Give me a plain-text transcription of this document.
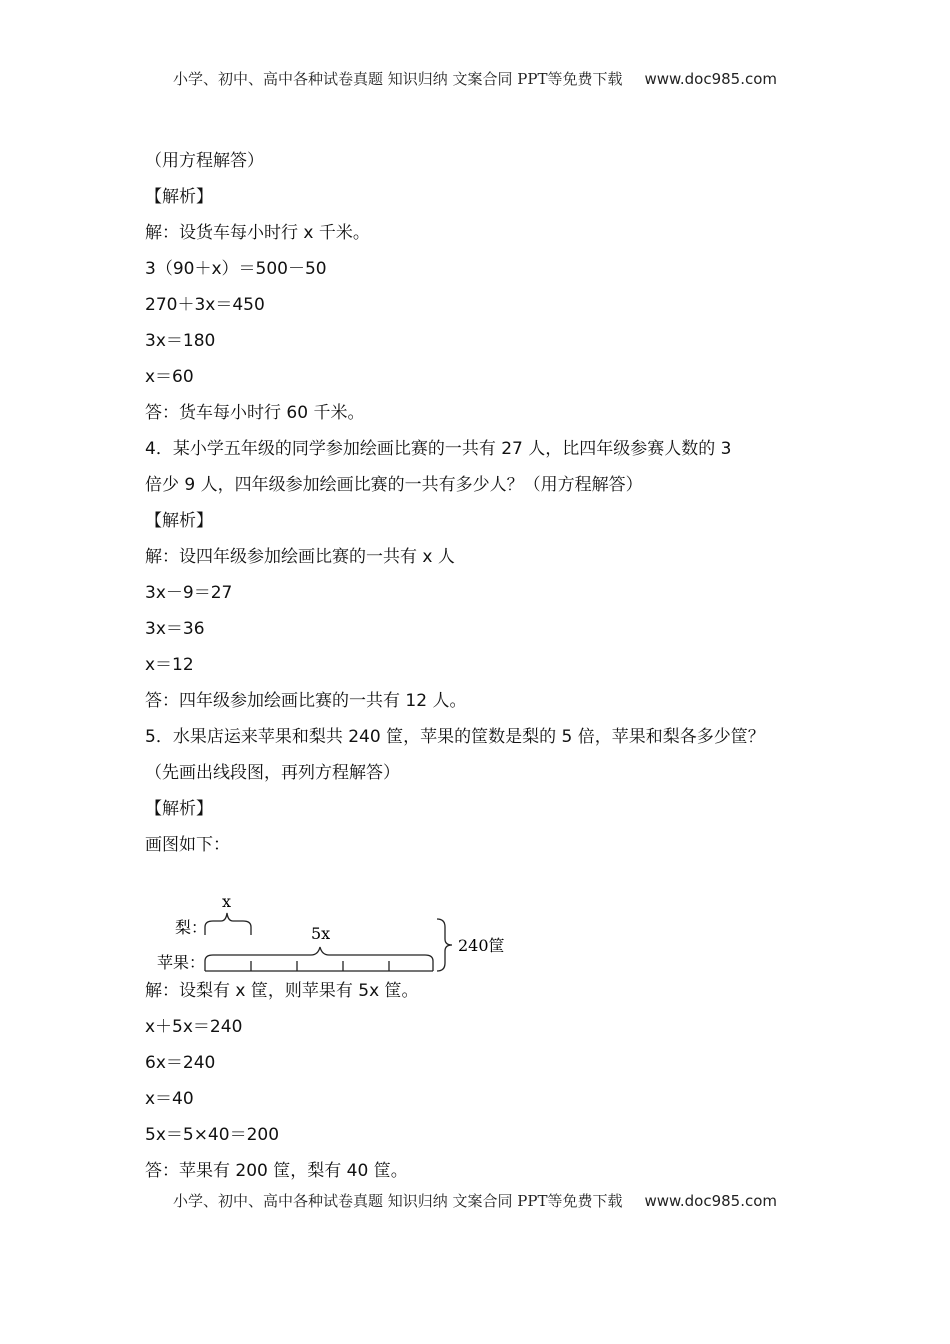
小学、初中、高中各种试卷真题 知识归纳 文案合同 PPT等免费下载 www.doc985.com
（用方程解答）
【解析】
解：设货车每小时行 x 千米。
3（90＋x）＝500－50
270＋3x＝450
3x＝180
x＝60
答：货车每小时行 60 千米。
4．某小学五年级的同学参加绘画比赛的一共有 27 人，比四年级参赛人数的 3
倍少 9 人，四年级参加绘画比赛的一共有多少人？（用方程解答）
【解析】
解：设四年级参加绘画比赛的一共有 x 人
3x－9＝27
3x＝36
x＝12
答：四年级参加绘画比赛的一共有 12 人。
5．水果店运来苹果和梨共 240 筐，苹果的筐数是梨的 5 倍，苹果和梨各多少筐？
（先画出线段图，再列方程解答）
【解析】
画图如下：
梨：
苹果：
x
5x
240筐
解：设梨有 x 筐，则苹果有 5x 筐。
x＋5x＝240
6x＝240
x＝40
5x＝5×40＝200
答：苹果有 200 筐，梨有 40 筐。
小学、初中、高中各种试卷真题 知识归纳 文案合同 PPT等免费下载 www.doc985.com
